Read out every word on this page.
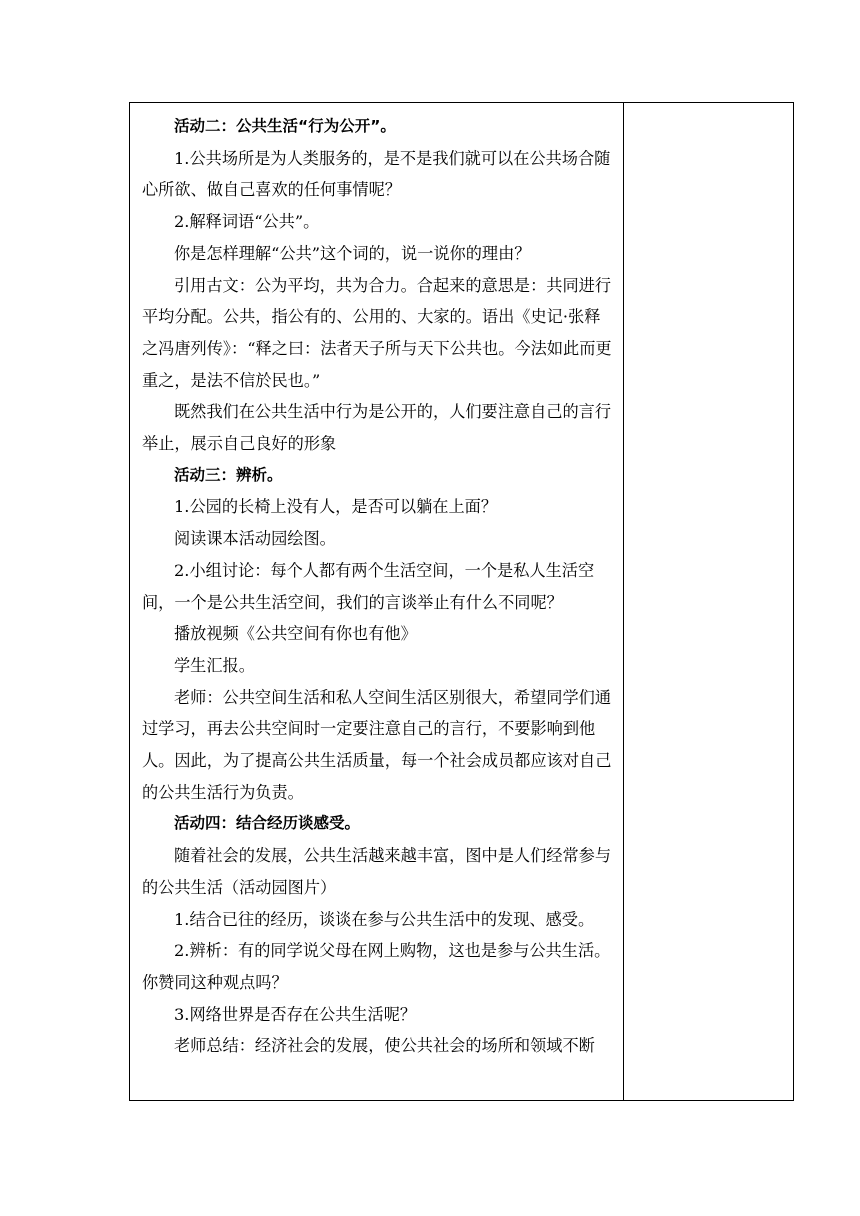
活动二：公共生活“行为公开”。

1.公共场所是为人类服务的，是不是我们就可以在公共场合随心所欲、做自己喜欢的任何事情呢？

2.解释词语“公共”。

你是怎样理解“公共”这个词的，说一说你的理由？

引用古文：公为平均，共为合力。合起来的意思是：共同进行平均分配。公共，指公有的、公用的、大家的。语出《史记·张释之冯唐列传》：“释之曰：法者天子所与天下公共也。今法如此而更重之，是法不信於民也。”

既然我们在公共生活中行为是公开的，人们要注意自己的言行举止，展示自己良好的形象

活动三：辨析。

1.公园的长椅上没有人，是否可以躺在上面？

阅读课本活动园绘图。

2.小组讨论：每个人都有两个生活空间，一个是私人生活空间，一个是公共生活空间，我们的言谈举止有什么不同呢？

播放视频《公共空间有你也有他》

学生汇报。

老师：公共空间生活和私人空间生活区别很大，希望同学们通过学习，再去公共空间时一定要注意自己的言行，不要影响到他人。因此，为了提高公共生活质量，每一个社会成员都应该对自己的公共生活行为负责。

活动四：结合经历谈感受。

随着社会的发展，公共生活越来越丰富，图中是人们经常参与的公共生活（活动园图片）

1.结合已往的经历，谈谈在参与公共生活中的发现、感受。

2.辨析：有的同学说父母在网上购物，这也是参与公共生活。你赞同这种观点吗？

3.网络世界是否存在公共生活呢？

老师总结：经济社会的发展，使公共社会的场所和领域不断
